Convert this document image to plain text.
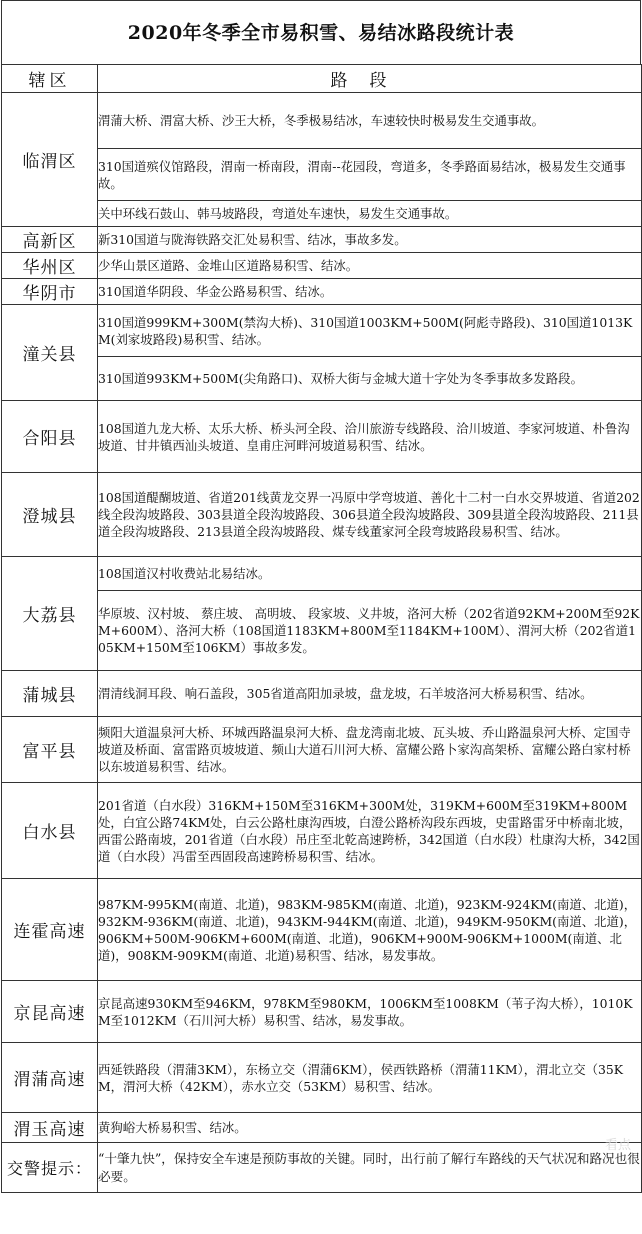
2020年冬季全市易积雪、易结冰路段统计表
辖区	路段
临渭区	渭蒲大桥、渭富大桥、沙王大桥，冬季极易结冰，车速较快时极易发生交通事故。
	310国道殡仪馆路段，渭南一桥南段，渭南--花园段，弯道多，冬季路面易结冰，极易发生交通事故。
	关中环线石鼓山、韩马坡路段，弯道处车速快，易发生交通事故。
高新区	新310国道与陇海铁路交汇处易积雪、结冰，事故多发。
华州区	少华山景区道路、金堆山区道路易积雪、结冰。
华阴市	310国道华阴段、华金公路易积雪、结冰。
潼关县	310国道999KM+300M(禁沟大桥)、310国道1003KM+500M(阿彪寺路段)、310国道1013KM(刘家坡路段)易积雪、结冰。
	310国道993KM+500M(尖角路口)、双桥大街与金城大道十字处为冬季事故多发路段。
合阳县	108国道九龙大桥、太乐大桥、桥头河全段、洽川旅游专线路段、洽川坡道、李家河坡道、朴鲁沟坡道、甘井镇西汕头坡道、皇甫庄河畔河坡道易积雪、结冰。
澄城县	108国道醍醐坡道、省道201线黄龙交界一冯原中学弯坡道、善化十二村一白水交界坡道、省道202线全段沟坡路段、303县道全段沟坡路段、306县道全段沟坡路段、309县道全段沟坡路段、211县道全段沟坡路段、213县道全段沟坡路段、煤专线董家河全段弯坡路段易积雪、结冰。
大荔县	108国道汉村收费站北易结冰。
	华原坡、汉村坡、 蔡庄坡、 高明坡、 段家坡、义井坡，洛河大桥（202省道92KM+200M至92KM+600M）、洛河大桥（108国道1183KM+800M至1184KM+100M）、渭河大桥（202省道105KM+150M至106KM）事故多发。
蒲城县	渭清线洞耳段、响石盖段，305省道高阳加录坡，盘龙坡，石羊坡洛河大桥易积雪、结冰。
富平县	频阳大道温泉河大桥、环城西路温泉河大桥、盘龙湾南北坡、瓦头坡、乔山路温泉河大桥、定国寺坡道及桥面、富雷路页坡坡道、频山大道石川河大桥、富耀公路卜家沟高架桥、富耀公路白家村桥以东坡道易积雪、结冰。
白水县	201省道（白水段）316KM+150M至316KM+300M处，319KM+600M至319KM+800M处，白宜公路74KM处，白云公路杜康沟西坡，白澄公路桥沟段东西坡，史雷路雷牙中桥南北坡，西雷公路南坡，201省道（白水段）吊庄至北乾高速跨桥，342国道（白水段）杜康沟大桥，342国道（白水段）冯雷至西固段高速跨桥易积雪、结冰。
连霍高速	987KM-995KM(南道、北道)，983KM-985KM(南道、北道)，923KM-924KM(南道、北道)，932KM-936KM(南道、北道)，943KM-944KM(南道、北道)，949KM-950KM(南道、北道)，906KM+500M-906KM+600M(南道、北道)，906KM+900M-906KM+1000M(南道、北道)，908KM-909KM(南道、北道)易积雪、结冰，易发事故。
京昆高速	京昆高速930KM至946KM，978KM至980KM，1006KM至1008KM（苇子沟大桥），1010KM至1012KM（石川河大桥）易积雪、结冰，易发事故。
渭蒲高速	西延铁路段（渭蒲3KM），东杨立交（渭蒲6KM），侯西铁路桥（渭蒲11KM），渭北立交（35KM，渭河大桥（42KM），赤水立交（53KM）易积雪、结冰。
渭玉高速	黄狗峪大桥易积雪、结冰。
交警提示：	“十肇九快”，保持安全车速是预防事故的关键。同时，出行前了解行车路线的天气状况和路况也很必要。
看点
